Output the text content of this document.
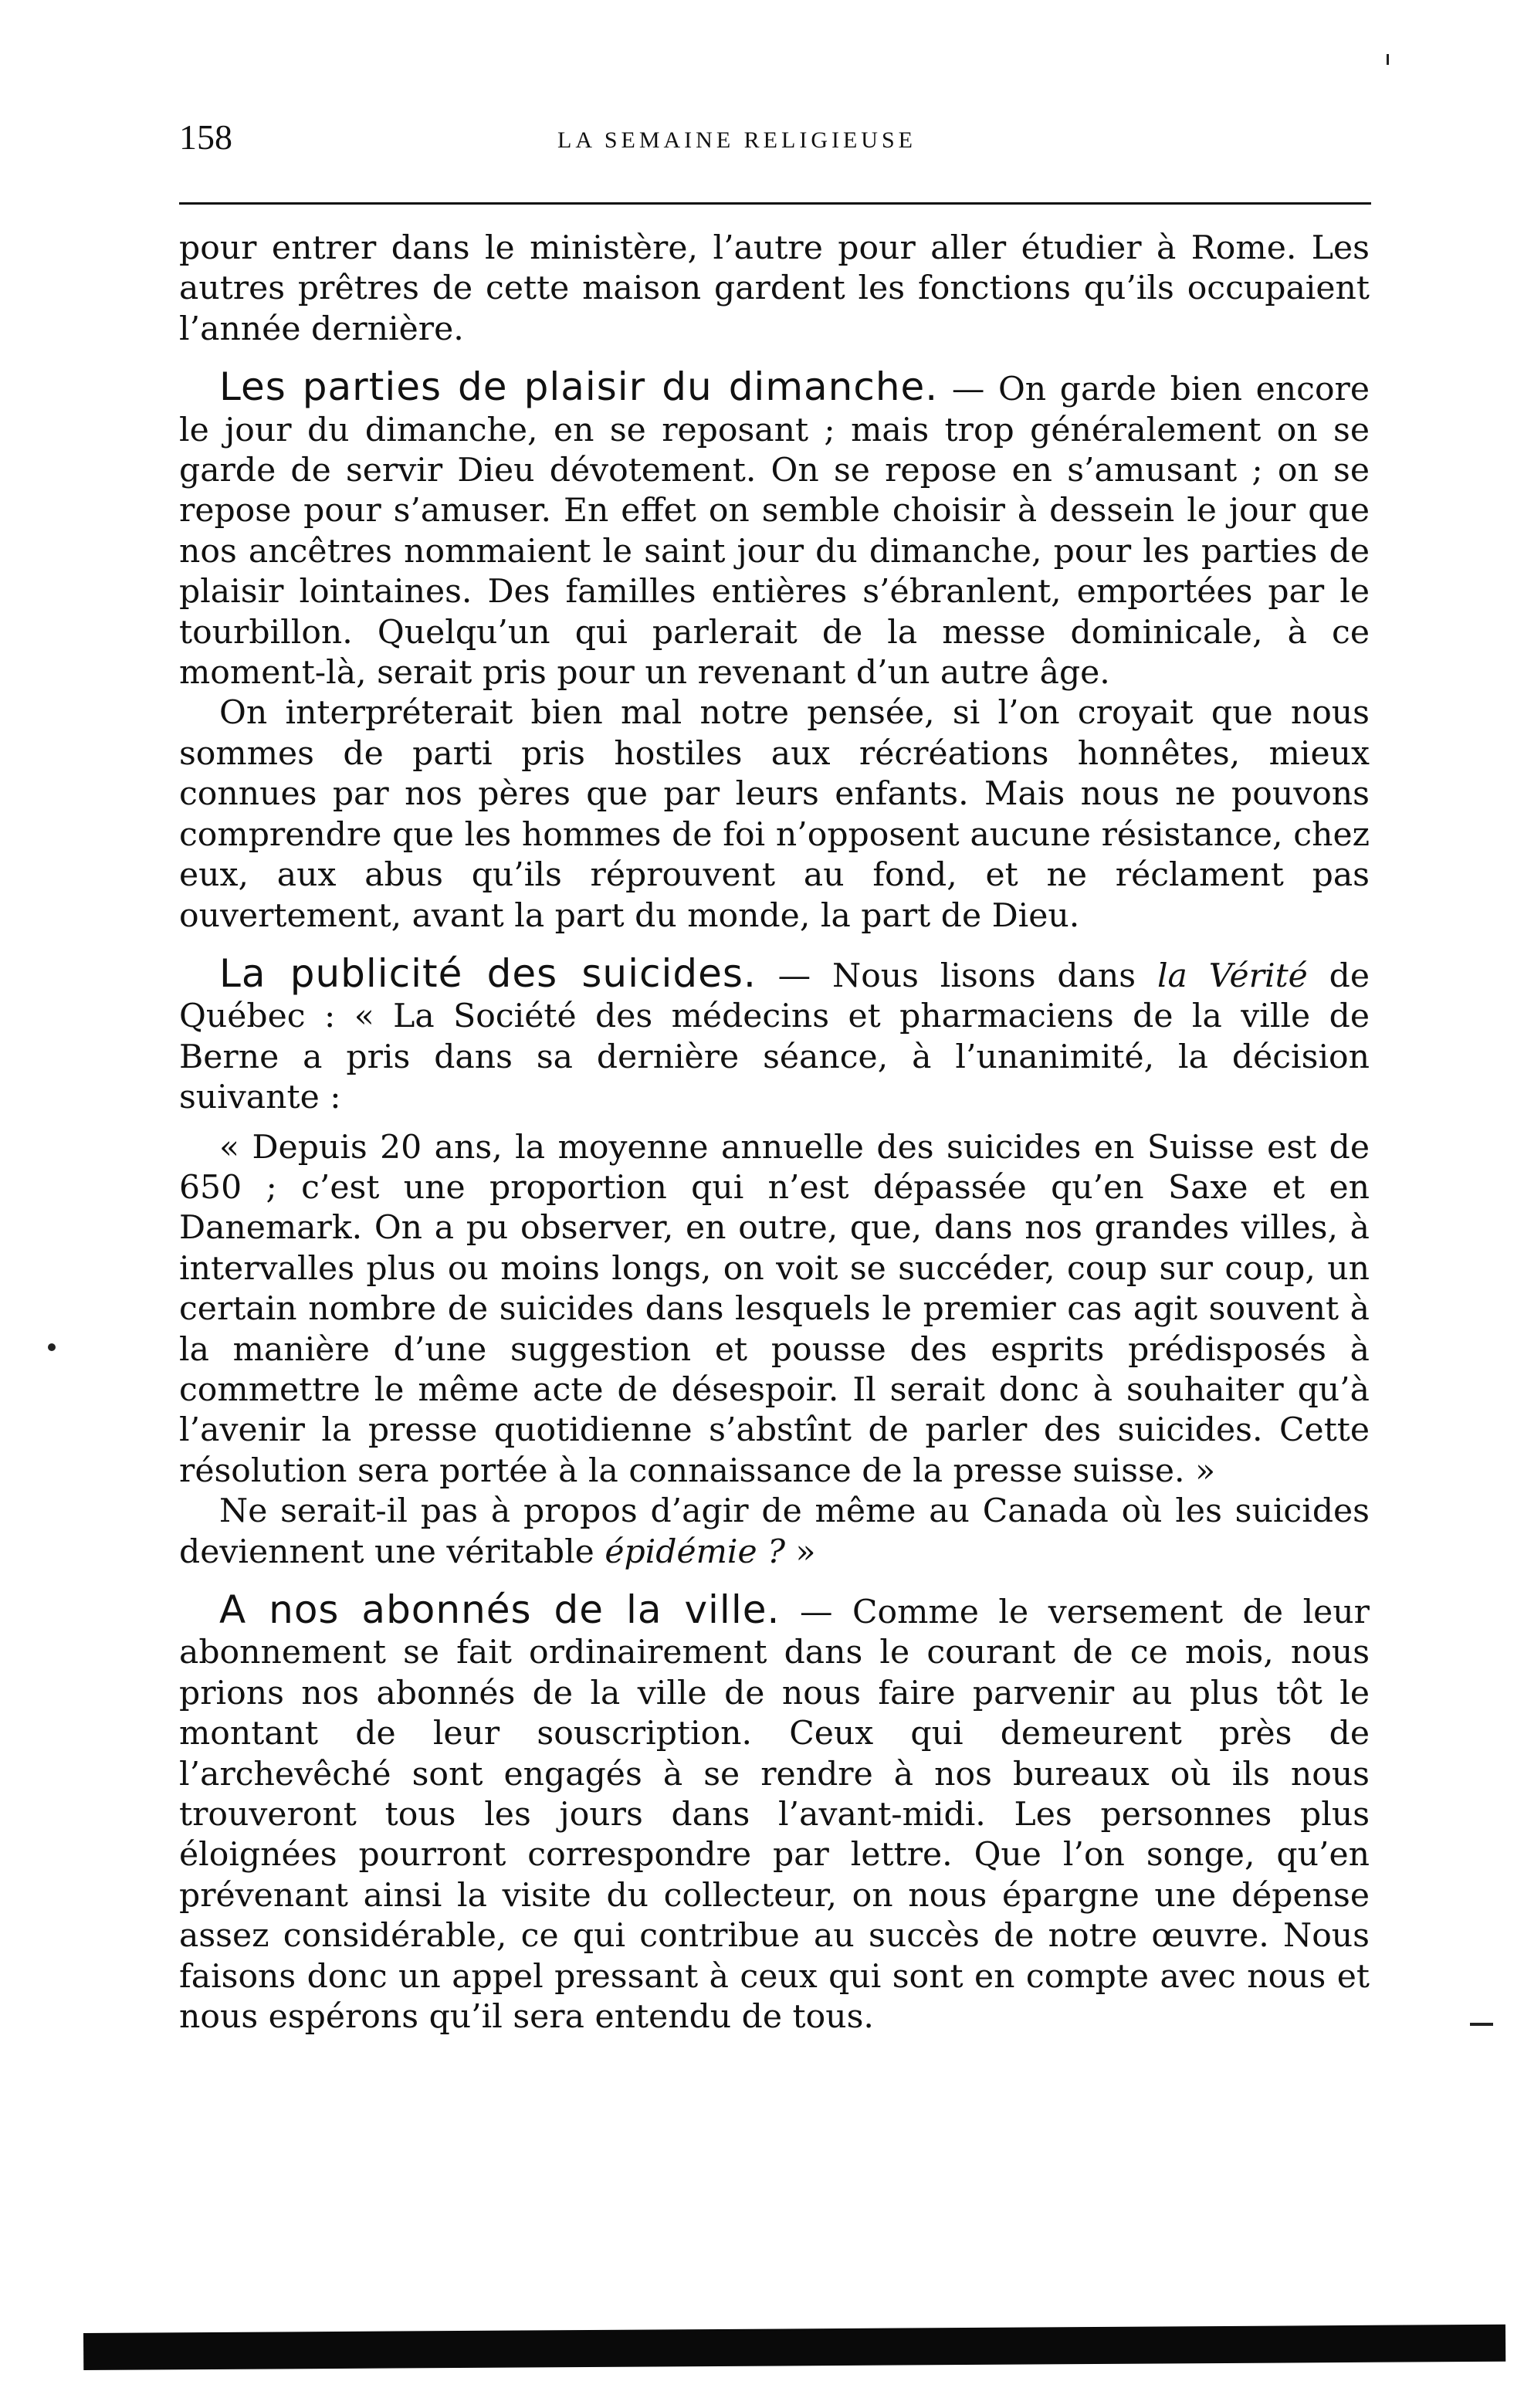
158	LA SEMAINE RELIGIEUSE

pour entrer dans le ministère, l’autre pour aller étudier à Rome. Les autres prêtres de cette maison gardent les fonctions qu’ils occupaient l’année dernière.

Les parties de plaisir du dimanche. — On garde bien encore le jour du dimanche, en se reposant ; mais trop généralement on se garde de servir Dieu dévotement. On se repose en s’amusant ; on se repose pour s’amuser. En effet on semble choisir à dessein le jour que nos ancêtres nommaient le saint jour du dimanche, pour les parties de plaisir lointaines. Des familles entières s’ébranlent, emportées par le tourbillon. Quelqu’un qui parlerait de la messe dominicale, à ce moment-là, serait pris pour un revenant d’un autre âge.

On interpréterait bien mal notre pensée, si l’on croyait que nous sommes de parti pris hostiles aux récréations honnêtes, mieux connues par nos pères que par leurs enfants. Mais nous ne pouvons comprendre que les hommes de foi n’opposent aucune résistance, chez eux, aux abus qu’ils réprouvent au fond, et ne réclament pas ouvertement, avant la part du monde, la part de Dieu.

La publicité des suicides. — Nous lisons dans la Vérité de Québec : « La Société des médecins et pharmaciens de la ville de Berne a pris dans sa dernière séance, à l’unanimité, la décision suivante :

« Depuis 20 ans, la moyenne annuelle des suicides en Suisse est de 650 ; c’est une proportion qui n’est dépassée qu’en Saxe et en Danemark. On a pu observer, en outre, que, dans nos grandes villes, à intervalles plus ou moins longs, on voit se succéder, coup sur coup, un certain nombre de suicides dans lesquels le premier cas agit souvent à la manière d’une suggestion et pousse des esprits prédisposés à commettre le même acte de désespoir. Il serait donc à souhaiter qu’à l’avenir la presse quotidienne s’abstînt de parler des suicides. Cette résolution sera portée à la connaissance de la presse suisse. »

Ne serait-il pas à propos d’agir de même au Canada où les suicides deviennent une véritable épidémie ? »

A nos abonnés de la ville. — Comme le versement de leur abonnement se fait ordinairement dans le courant de ce mois, nous prions nos abonnés de la ville de nous faire parvenir au plus tôt le montant de leur souscription. Ceux qui demeurent près de l’archevêché sont engagés à se rendre à nos bureaux où ils nous trouveront tous les jours dans l’avant-midi. Les personnes plus éloignées pourront correspondre par lettre. Que l’on songe, qu’en prévenant ainsi la visite du collecteur, on nous épargne une dépense assez considérable, ce qui contribue au succès de notre œuvre. Nous faisons donc un appel pressant à ceux qui sont en compte avec nous et nous espérons qu’il sera entendu de tous.
